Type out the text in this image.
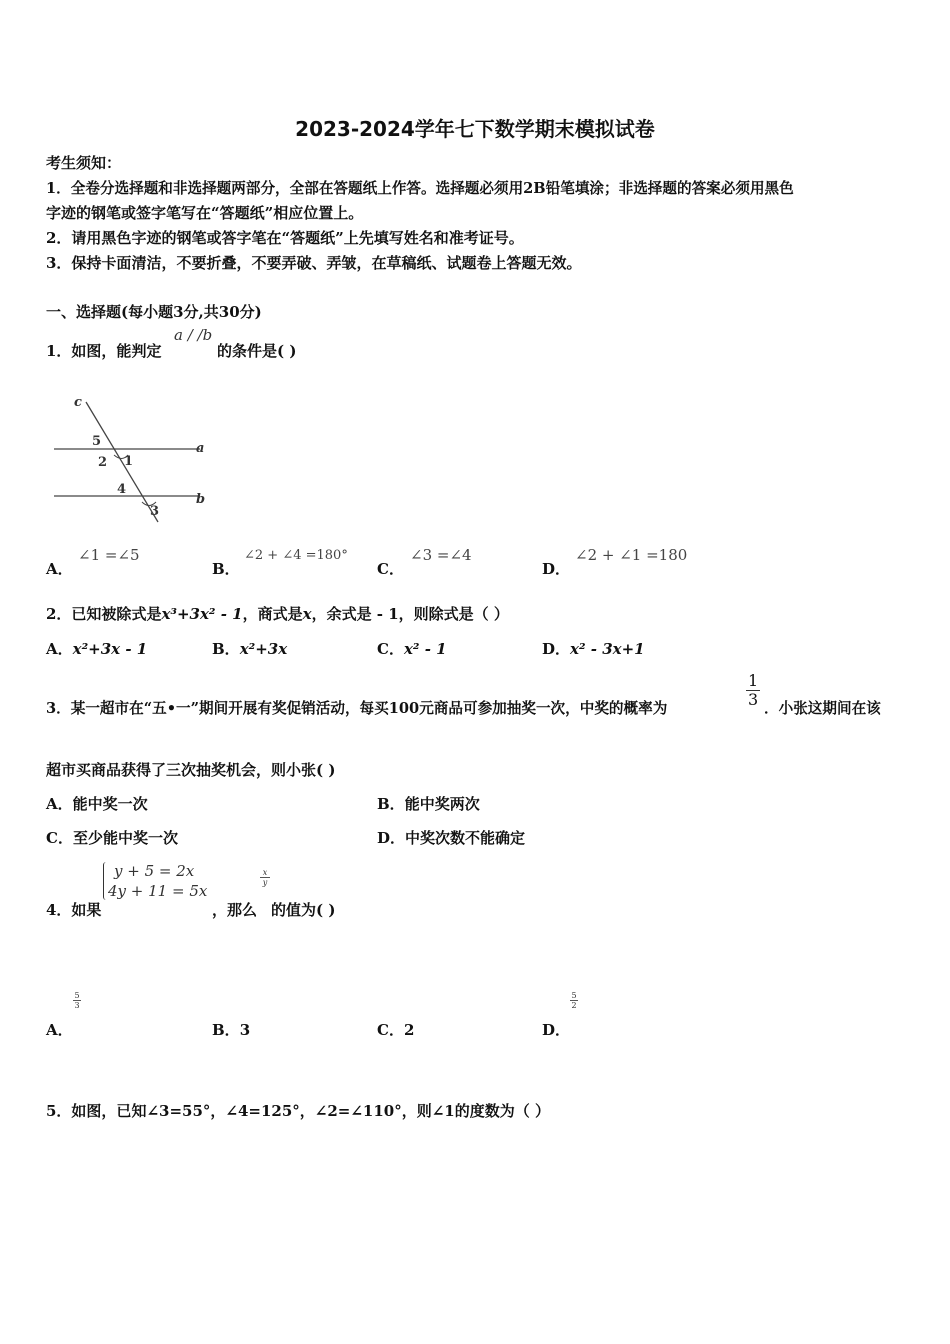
2023-2024学年七下数学期末模拟试卷
考生须知：
1．全卷分选择题和非选择题两部分，全部在答题纸上作答。选择题必须用2B铅笔填涂；非选择题的答案必须用黑色
字迹的钢笔或签字笔写在“答题纸”相应位置上。
2．请用黑色字迹的钢笔或答字笔在“答题纸”上先填写姓名和准考证号。
3．保持卡面清洁，不要折叠，不要弄破、弄皱，在草稿纸、试题卷上答题无效。
一、选择题(每小题3分,共30分)
1．如图，能判定
a / /b
的条件是( )
c
5
2 1
a
4
b
3
A．
∠1 =∠5
B．
∠2 + ∠4 =180°
C．
∠3 =∠4
D．
∠2 + ∠1 =180
2．已知被除式是x³+3x² - 1，商式是x，余式是 - 1，则除式是（ ）
A．x²+3x - 1	B．x²+3x	C．x² - 1	D．x² - 3x+1
3．某一超市在“五•一”期间开展有奖促销活动，每买100元商品可参加抽奖一次，中奖的概率为	$\frac{1}{3}$ ．小张这期间在该
超市买商品获得了三次抽奖机会，则小张( )
A．能中奖一次	B．能中奖两次
C．至少能中奖一次	D．中奖次数不能确定
4．如果
y + 5 = 2x
4y + 11 = 5x
，那么
$\frac{x}{y}$
的值为( )
A．
$\frac{5}{3}$
B．3	C．2	D．
$\frac{5}{2}$
5．如图，已知∠3=55°，∠4=125°，∠2=∠110°，则∠1的度数为（ ）
